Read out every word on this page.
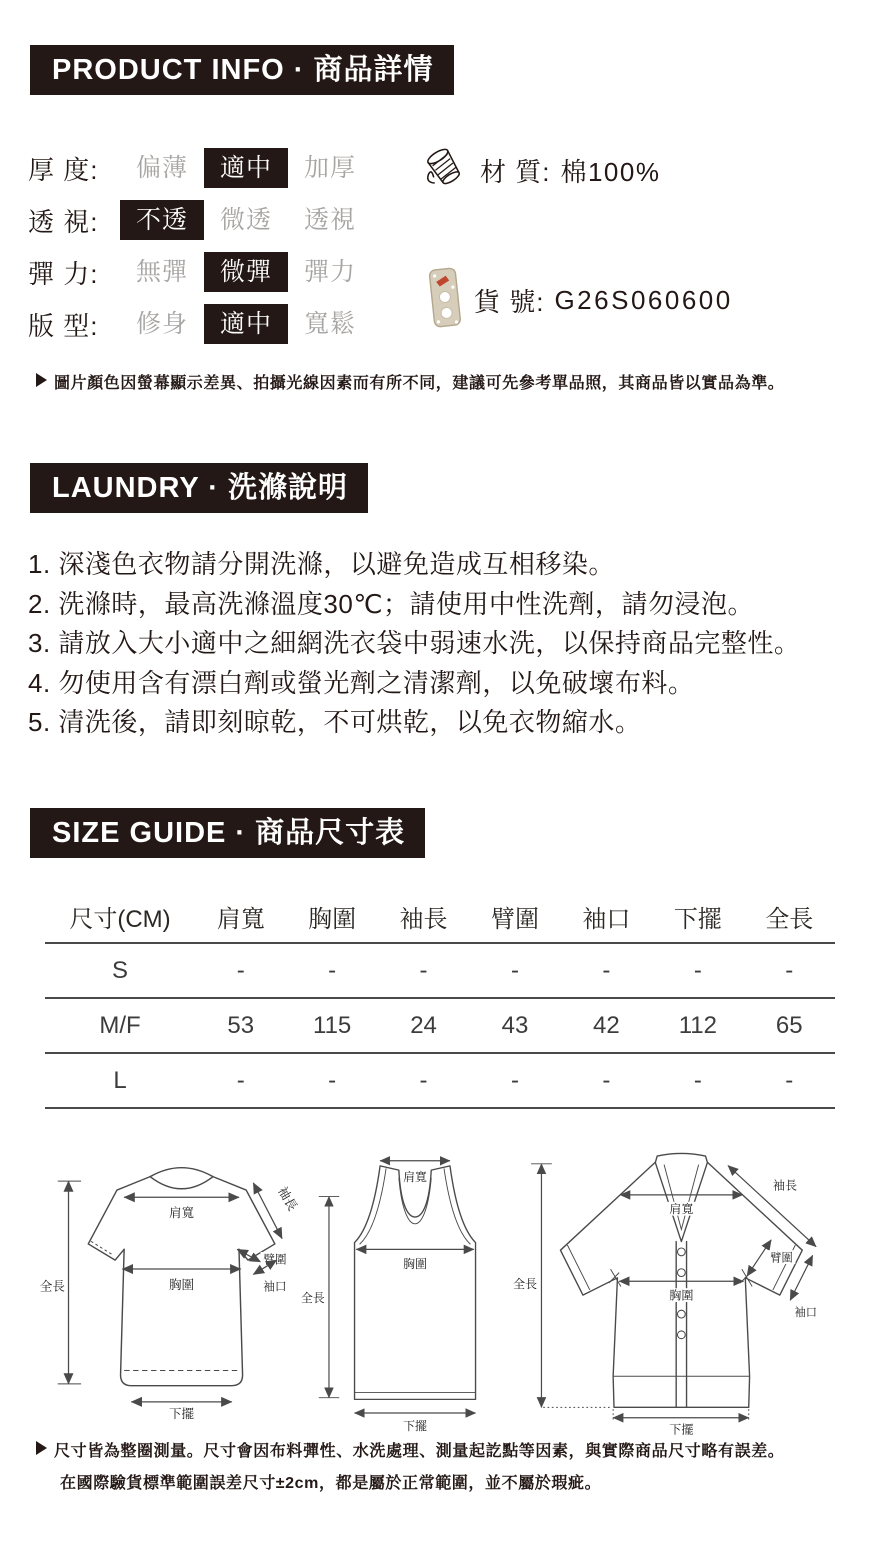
PRODUCT INFO · 商品詳情
厚 度:	偏薄	適中	加厚
透 視:	不透	微透	透視
彈 力:	無彈	微彈	彈力
版 型:	修身	適中	寬鬆
材 質: 棉100%
貨 號: G26S060600
圖片顏色因螢幕顯示差異、拍攝光線因素而有所不同，建議可先參考單品照，其商品皆以實品為準。
LAUNDRY · 洗滌說明
1. 深淺色衣物請分開洗滌，以避免造成互相移染。
2. 洗滌時，最高洗滌溫度30℃；請使用中性洗劑，請勿浸泡。
3. 請放入大小適中之細網洗衣袋中弱速水洗，以保持商品完整性。
4. 勿使用含有漂白劑或螢光劑之清潔劑，以免破壞布料。
5. 清洗後，請即刻晾乾，不可烘乾，以免衣物縮水。
SIZE GUIDE · 商品尺寸表
尺寸(CM)	肩寬	胸圍	袖長	臂圍	袖口	下擺	全長
S	-	-	-	-	-	-	-
M/F	53	115	24	43	42	112	65
L	-	-	-	-	-	-	-
肩寬
胸圍
全長
袖長
臂圍
袖口
下擺
肩寬
胸圍
全長
下擺
肩寬
袖長
臂圍
胸圍
袖口
全長
下擺
尺寸皆為整圈測量。尺寸會因布料彈性、水洗處理、測量起訖點等因素，與實際商品尺寸略有誤差。
在國際驗貨標準範圍誤差尺寸±2cm，都是屬於正常範圍，並不屬於瑕疵。
